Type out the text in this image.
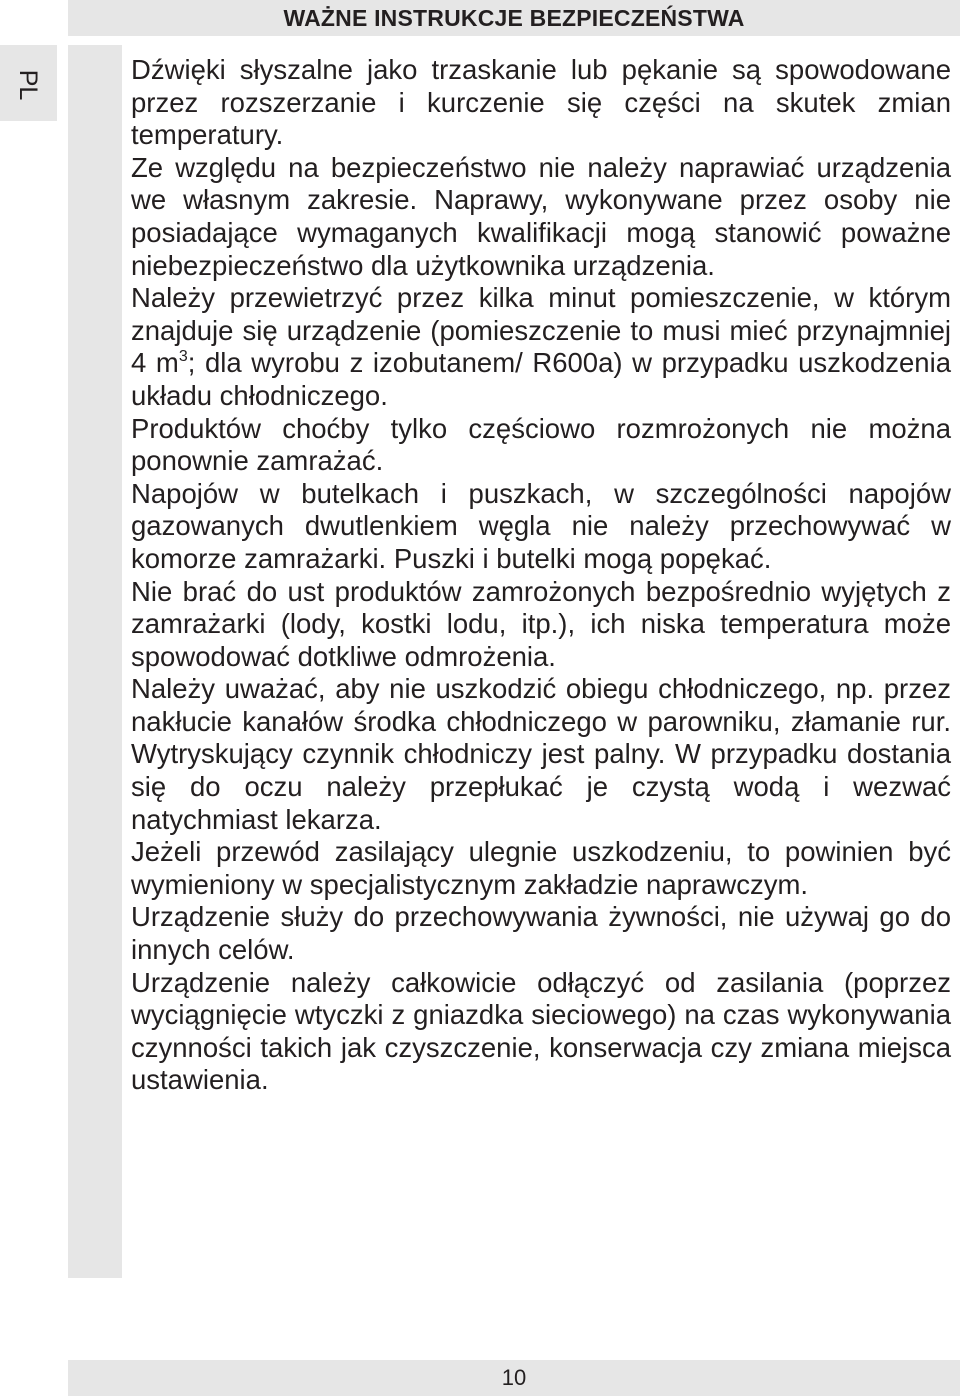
WAŻNE INSTRUKCJE BEZPIECZEŃSTWA
PL	Dźwięki słyszalne jako trzaskanie lub pękanie są spowodowane przez rozszerzanie i kurczenie się części na skutek zmian temperatury.

Ze względu na bezpieczeństwo nie należy naprawiać urządzenia we własnym zakresie. Naprawy, wykonywane przez osoby nie posiadające wymaganych kwalifikacji mogą stanowić poważne niebezpieczeństwo dla użytkownika urządzenia.

Należy przewietrzyć przez kilka minut pomieszczenie, w którym znajduje się urządzenie (pomieszczenie to musi mieć przynajmniej 4 $m^3$; dla wyrobu z izobutanem/ R600a) w przypadku uszkodzenia układu chłodniczego.

Produktów choćby tylko częściowo rozmrożonych nie można ponownie zamrażać.

Napojów w butelkach i puszkach, w szczególności napojów gazowanych dwutlenkiem węgla nie należy przechowywać w komorze zamrażarki. Puszki i butelki mogą popękać.

Nie brać do ust produktów zamrożonych bezpośrednio wyjętych z zamrażarki (lody, kostki lodu, itp.), ich niska temperatura może spowodować dotkliwe odmrożenia.

Należy uważać, aby nie uszkodzić obiegu chłodniczego, np. przez nakłucie kanałów środka chłodniczego w parowniku, złamanie rur. Wytryskujący czynnik chłodniczy jest palny. W przypadku dostania się do oczu należy przepłukać je czystą wodą i wezwać natychmiast lekarza.

Jeżeli przewód zasilający ulegnie uszkodzeniu, to powinien być wymieniony w specjalistycznym zakładzie naprawczym.

Urządzenie służy do przechowywania żywności, nie używaj go do innych celów.

Urządzenie należy całkowicie odłączyć od zasilania (poprzez wyciągnięcie wtyczki z gniazdka sieciowego) na czas wykonywania czynności takich jak czyszczenie, konserwacja czy zmiana miejsca ustawienia.

10
